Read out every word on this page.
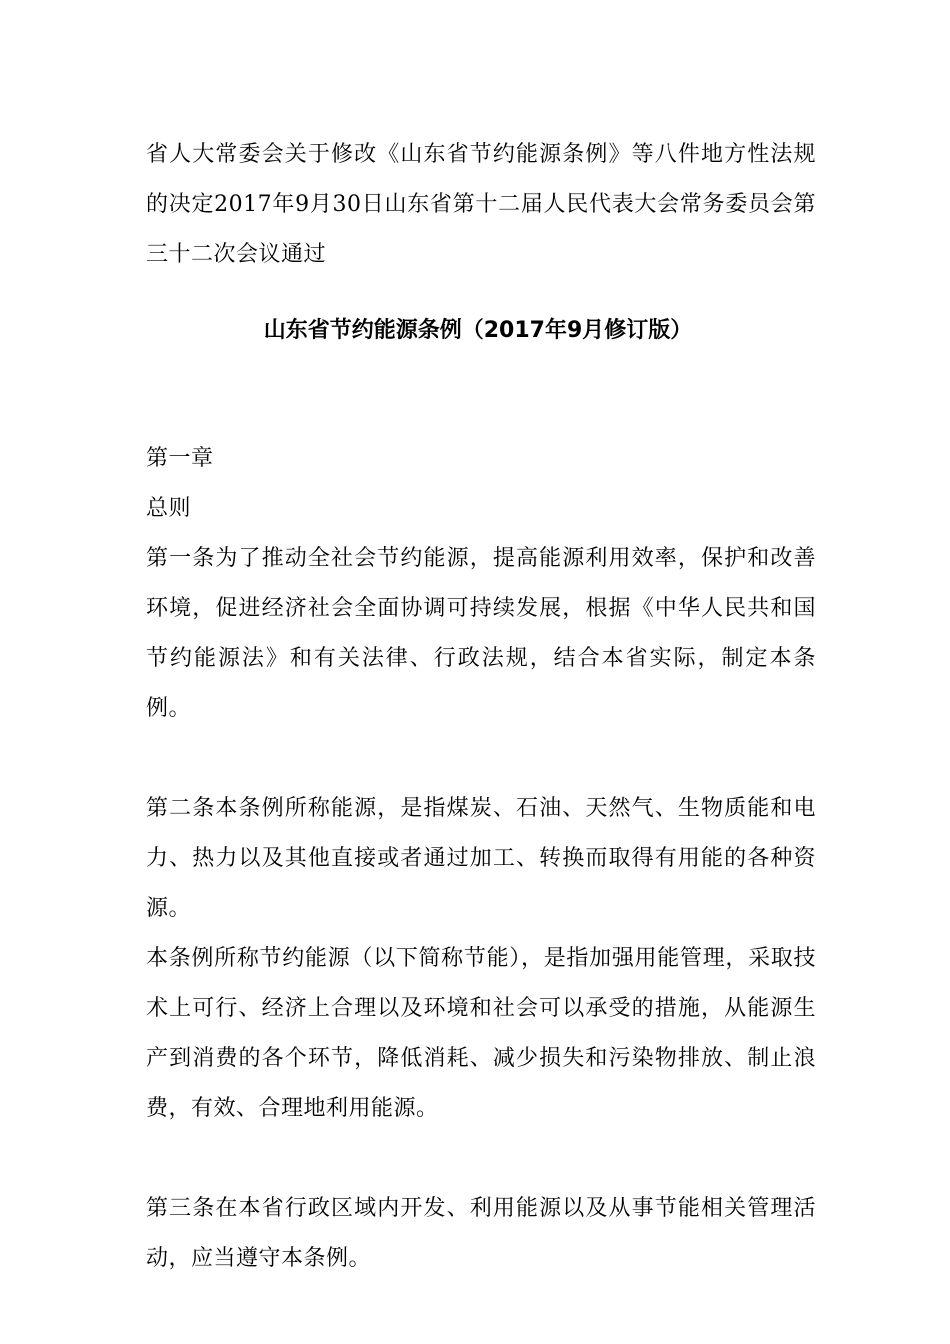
省人大常委会关于修改《山东省节约能源条例》等八件地方性法规的决定2017年9月30日山东省第十二届人民代表大会常务委员会第三十二次会议通过

山东省节约能源条例（2017年9月修订版）

第一章

总则

第一条为了推动全社会节约能源，提高能源利用效率，保护和改善环境，促进经济社会全面协调可持续发展，根据《中华人民共和国节约能源法》和有关法律、行政法规，结合本省实际，制定本条例。

第二条本条例所称能源，是指煤炭、石油、天然气、生物质能和电力、热力以及其他直接或者通过加工、转换而取得有用能的各种资源。

本条例所称节约能源（以下简称节能），是指加强用能管理，采取技术上可行、经济上合理以及环境和社会可以承受的措施，从能源生产到消费的各个环节，降低消耗、减少损失和污染物排放、制止浪费，有效、合理地利用能源。

第三条在本省行政区域内开发、利用能源以及从事节能相关管理活动，应当遵守本条例。
